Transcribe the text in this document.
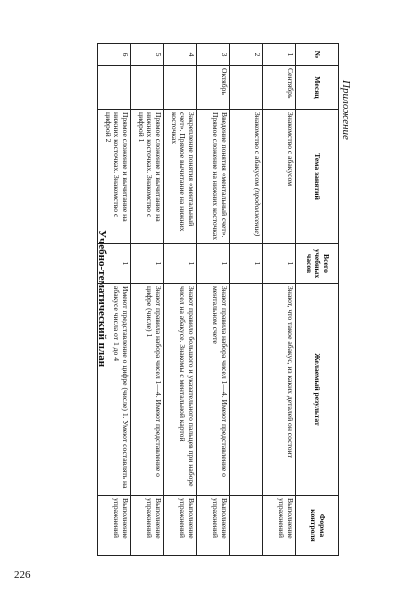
226
Приложение
Учебно-тематический план
№	Месяц	Тема занятий	Всего учебных часов	Желаемый результат	Форма контроля
1	Сентябрь	Знакомство с абакусом	1	Знают, что такое абакус, из каких деталей он состоит	Выполнение упражнений
2		Знакомство с абакусом (продолжение)	1		
3	Октябрь	Введение понятия «ментальный счет». Прямое сложение на нижних косточках	1	Знают правила набора чисел 1—4. Имеют представление о ментальном счете	Выполнение упражнений
4		Закрепление понятия «ментальный счет». Прямое вычитание на нижних косточках	1	Знают правило большого и указательного пальцев при наборе чисел на абакусе. Знакомы с ментальной картой	Выполнение упражнений
5		Прямое сложение и вычитание на нижних косточках. Знакомство с цифрой 1	1	Знают правила набора чисел 1—4. Имеют представление о цифре (числе) 1	Выполнение упражнений
6		Прямое сложение и вычитание на нижних косточках. Знакомство с цифрой 2	1	Имеют представление о цифре (числе) 1. Умеют составлять на абакусе числа от 1 до 4	Выполнение упражнений
